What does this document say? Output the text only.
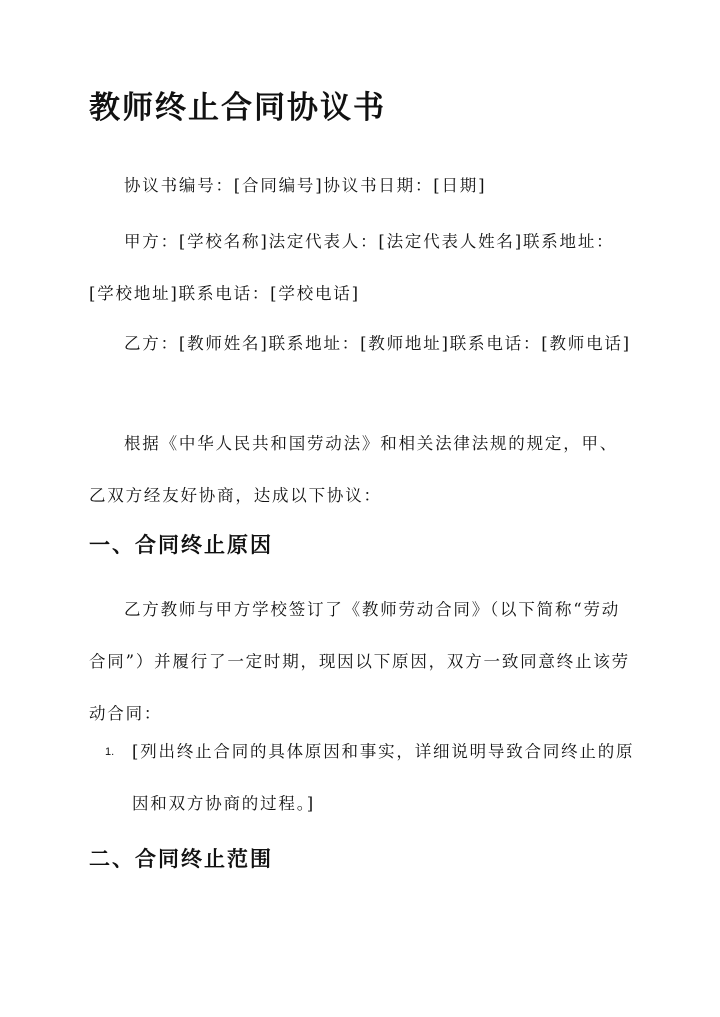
教师终止合同协议书

协议书编号：[合同编号]协议书日期：[日期]

甲方：[学校名称]法定代表人：[法定代表人姓名]联系地址：[学校地址]联系电话：[学校电话]

乙方：[教师姓名]联系地址：[教师地址]联系电话：[教师电话]

根据《中华人民共和国劳动法》和相关法律法规的规定，甲、乙双方经友好协商，达成以下协议：

一、合同终止原因

乙方教师与甲方学校签订了《教师劳动合同》（以下简称“劳动合同”）并履行了一定时期，现因以下原因，双方一致同意终止该劳动合同：

1. [列出终止合同的具体原因和事实，详细说明导致合同终止的原因和双方协商的过程。]
二、合同终止范围
